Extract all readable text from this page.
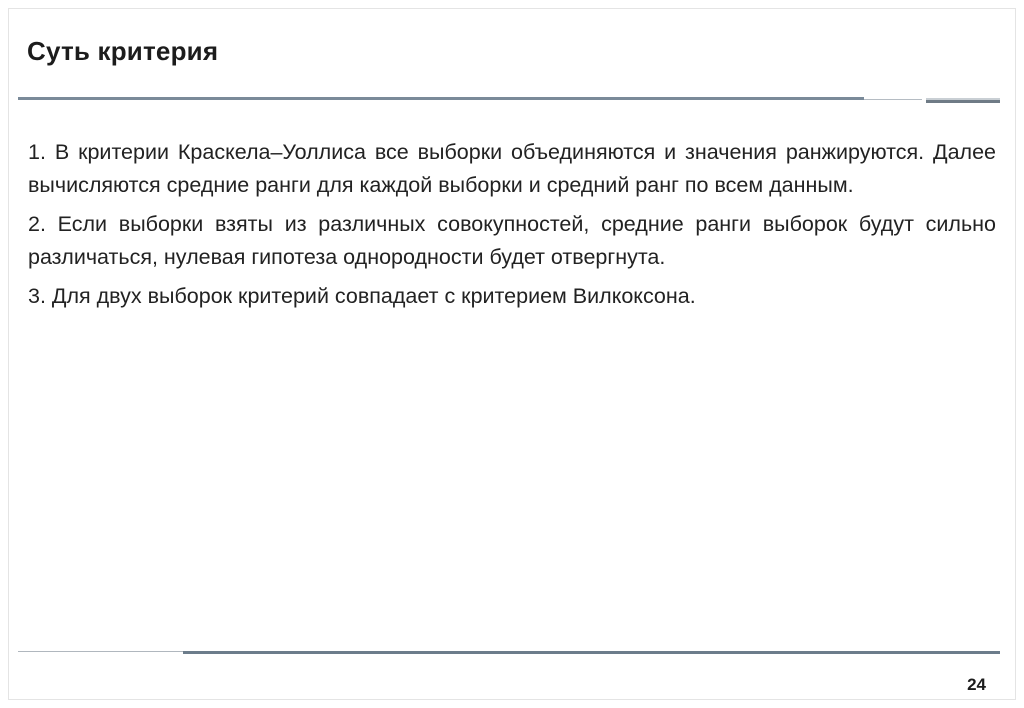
Суть критерия

1. В критерии Краскела–Уоллиса все выборки объединяются и значения ранжируются. Далее вычисляются средние ранги для каждой выборки и средний ранг по всем данным.

2. Если выборки взяты из различных совокупностей, средние ранги выборок будут сильно различаться, нулевая гипотеза однородности будет отвергнута.

3. Для двух выборок критерий совпадает с критерием Вилкоксона.

24
